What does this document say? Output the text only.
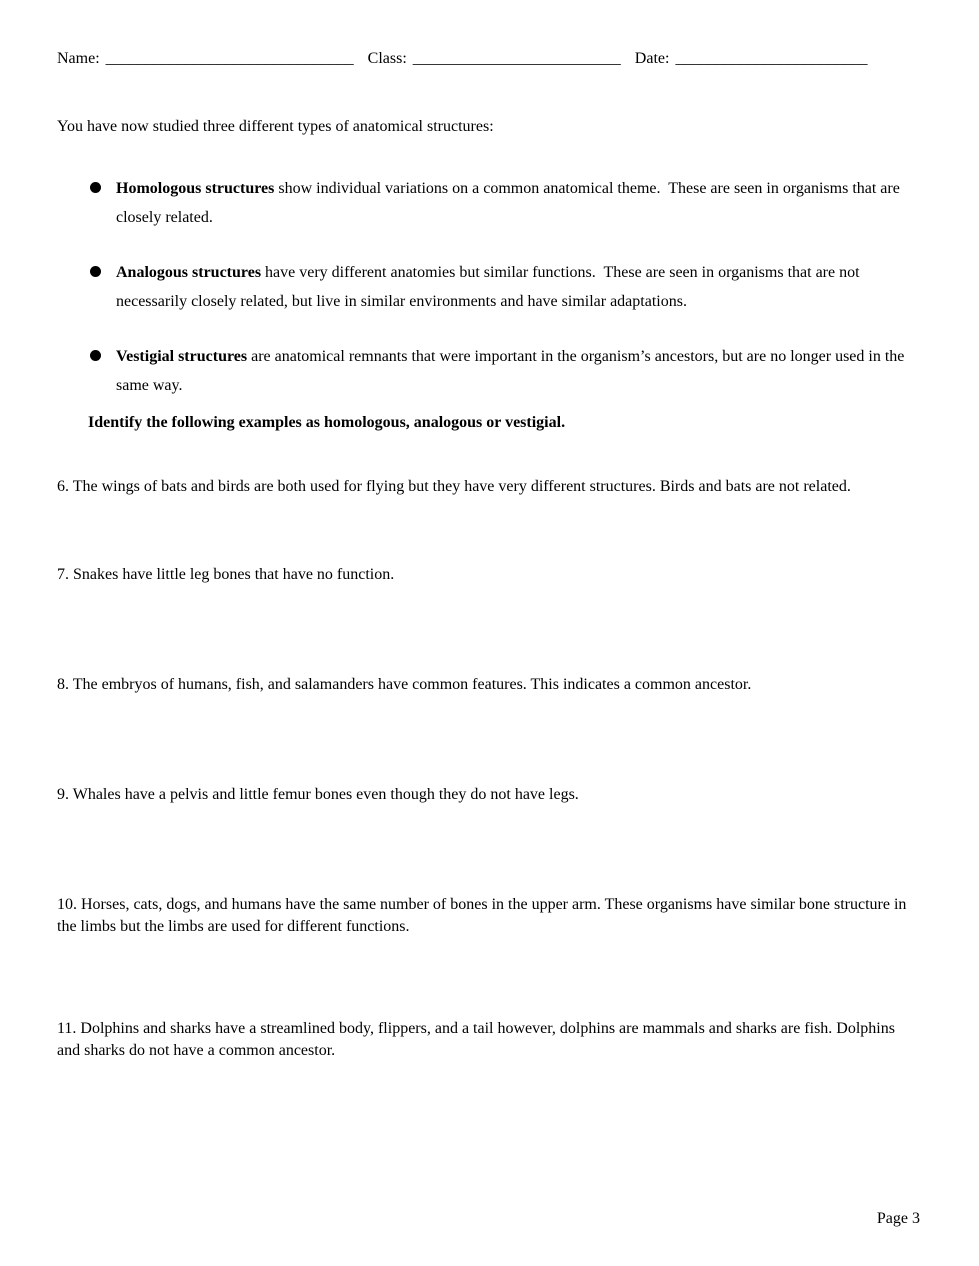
Name: _______________________________ Class: __________________________ Date: ________________________

You have now studied three different types of anatomical structures:

Homologous structures show individual variations on a common anatomical theme.  These are seen in organisms that are closely related.

Analogous structures have very different anatomies but similar functions.  These are seen in organisms that are not necessarily closely related, but live in similar environments and have similar adaptations.

Vestigial structures are anatomical remnants that were important in the organism’s ancestors, but are no longer used in the same way.

Identify the following examples as homologous, analogous or vestigial.

6. The wings of bats and birds are both used for flying but they have very different structures. Birds and bats are not related.

7. Snakes have little leg bones that have no function.

8. The embryos of humans, fish, and salamanders have common features. This indicates a common ancestor.

9. Whales have a pelvis and little femur bones even though they do not have legs.

10. Horses, cats, dogs, and humans have the same number of bones in the upper arm. These organisms have similar bone structure in the limbs but the limbs are used for different functions.

11. Dolphins and sharks have a streamlined body, flippers, and a tail however, dolphins are mammals and sharks are fish. Dolphins and sharks do not have a common ancestor.

Page 3
